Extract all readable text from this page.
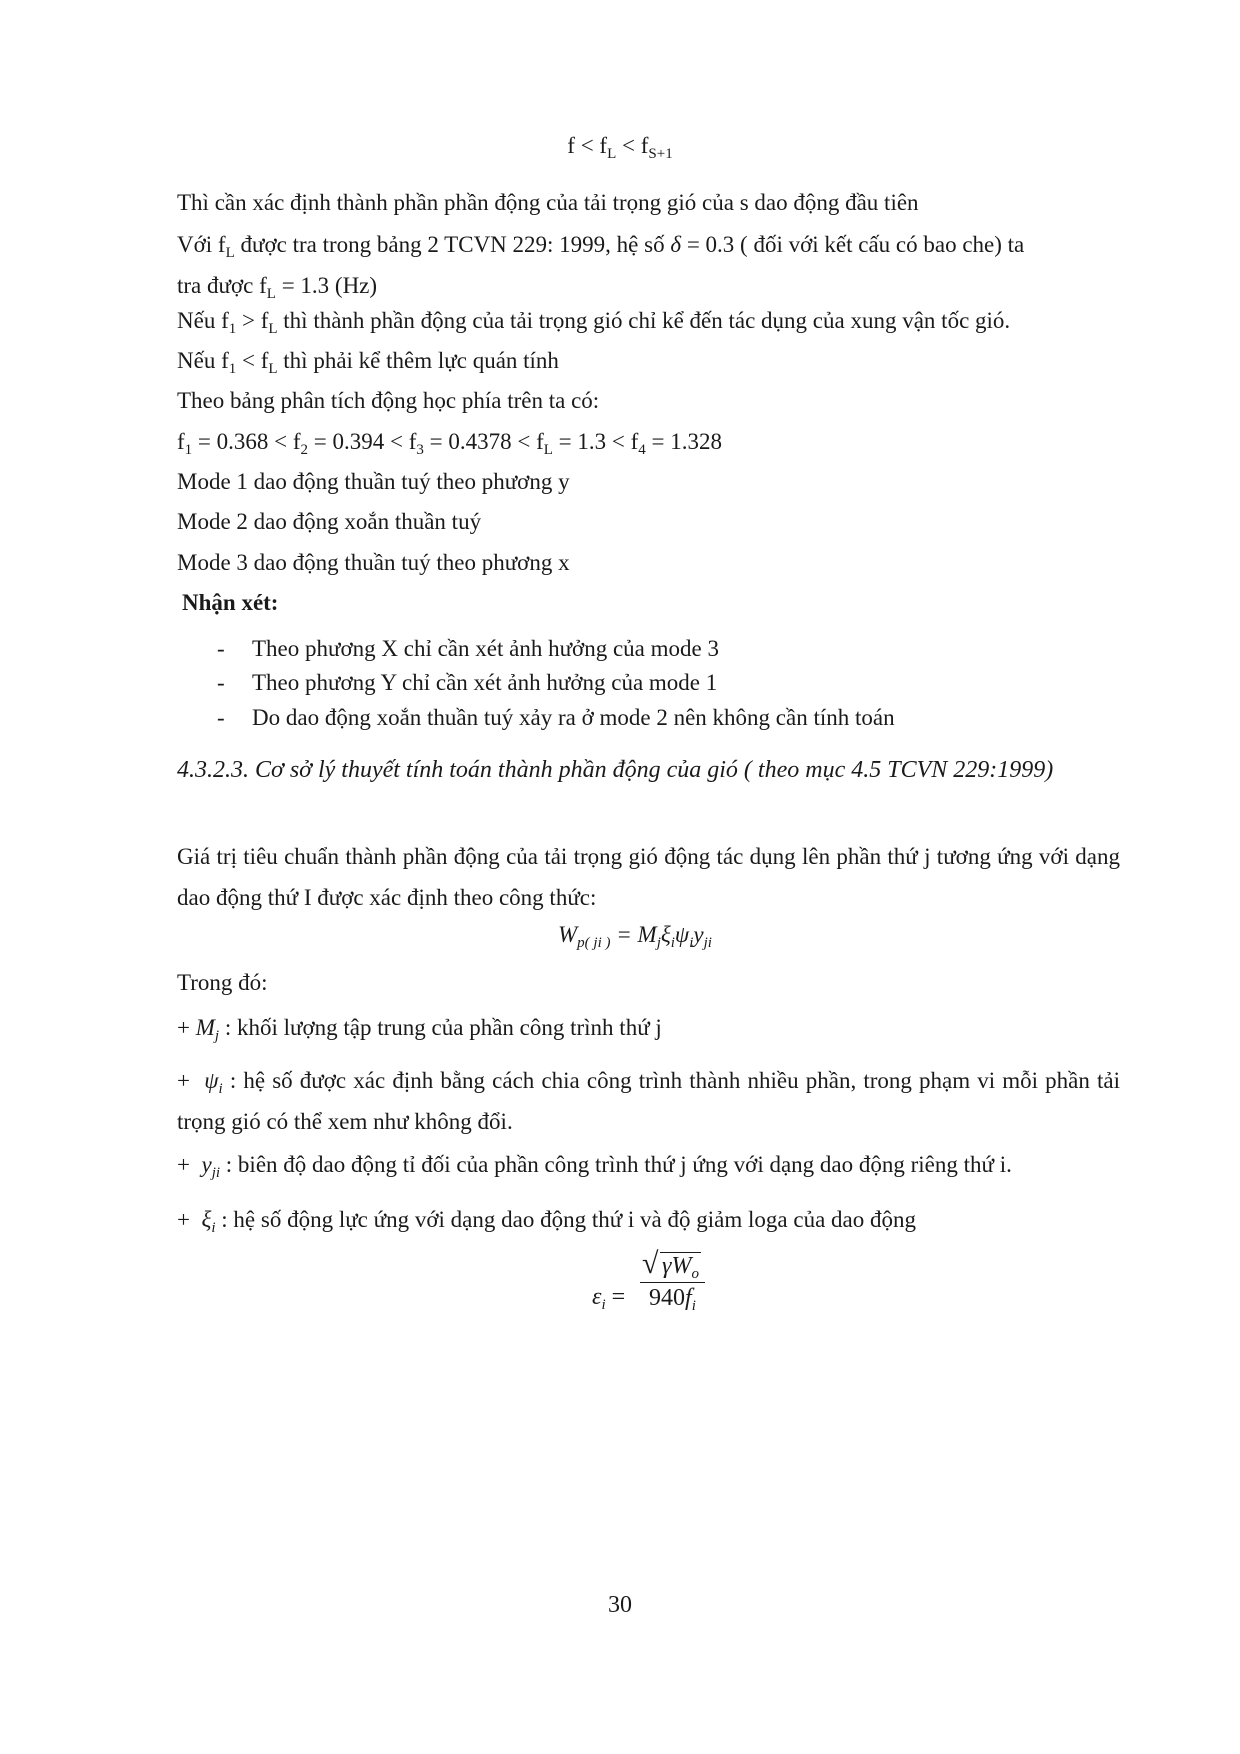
$f < f_L < f_{S+1}$
Thì cần xác định thành phần phần động của tải trọng gió của s dao động đầu tiên
Với $f_L$ được tra trong bảng 2 TCVN 229: 1999, hệ số δ = 0.3 ( đối với kết cấu có bao che) ta
tra được $f_L = 1.3$ (Hz)
Nếu $f_1 > f_L$ thì thành phần động của tải trọng gió chỉ kể đến tác dụng của xung vận tốc gió.
Nếu $f_1 < f_L$ thì phải kể thêm lực quán tính
Theo bảng phân tích động học phía trên ta có:
$f_1 = 0.368 < f_2 = 0.394 < f_3 = 0.4378 < f_L = 1.3 < f_4 = 1.328$
Mode 1 dao động thuần tuý theo phương y
Mode 2 dao động xoắn thuần tuý
Mode 3 dao động thuần tuý theo phương x
Nhận xét:
- Theo phương X chỉ cần xét ảnh hưởng của mode 3
- Theo phương Y chỉ cần xét ảnh hưởng của mode 1
- Do dao động xoắn thuần tuý xảy ra ở mode 2 nên không cần tính toán
4.3.2.3. Cơ sở lý thuyết tính toán thành phần động của gió ( theo mục 4.5 TCVN 229:1999)
Giá trị tiêu chuẩn thành phần động của tải trọng gió động tác dụng lên phần thứ j tương ứng với dạng dao động thứ I được xác định theo công thức:
$W_{p( ji )} = M_j\xi_i\psi_iy_{ji}$
Trong đó:
+ $M_j$ : khối lượng tập trung của phần công trình thứ j
+ $\psi_i$ : hệ số được xác định bằng cách chia công trình thành nhiều phần, trong phạm vi mỗi phần tải trọng gió có thể xem như không đổi.
+ $y_{ji}$ : biên độ dao động tỉ đối của phần công trình thứ j ứng với dạng dao động riêng thứ i.
+ $\xi_i$ : hệ số động lực ứng với dạng dao động thứ i và độ giảm loga của dao động
$\varepsilon_i$ =
√ $\gamma W_o$
$940f_i$
30
